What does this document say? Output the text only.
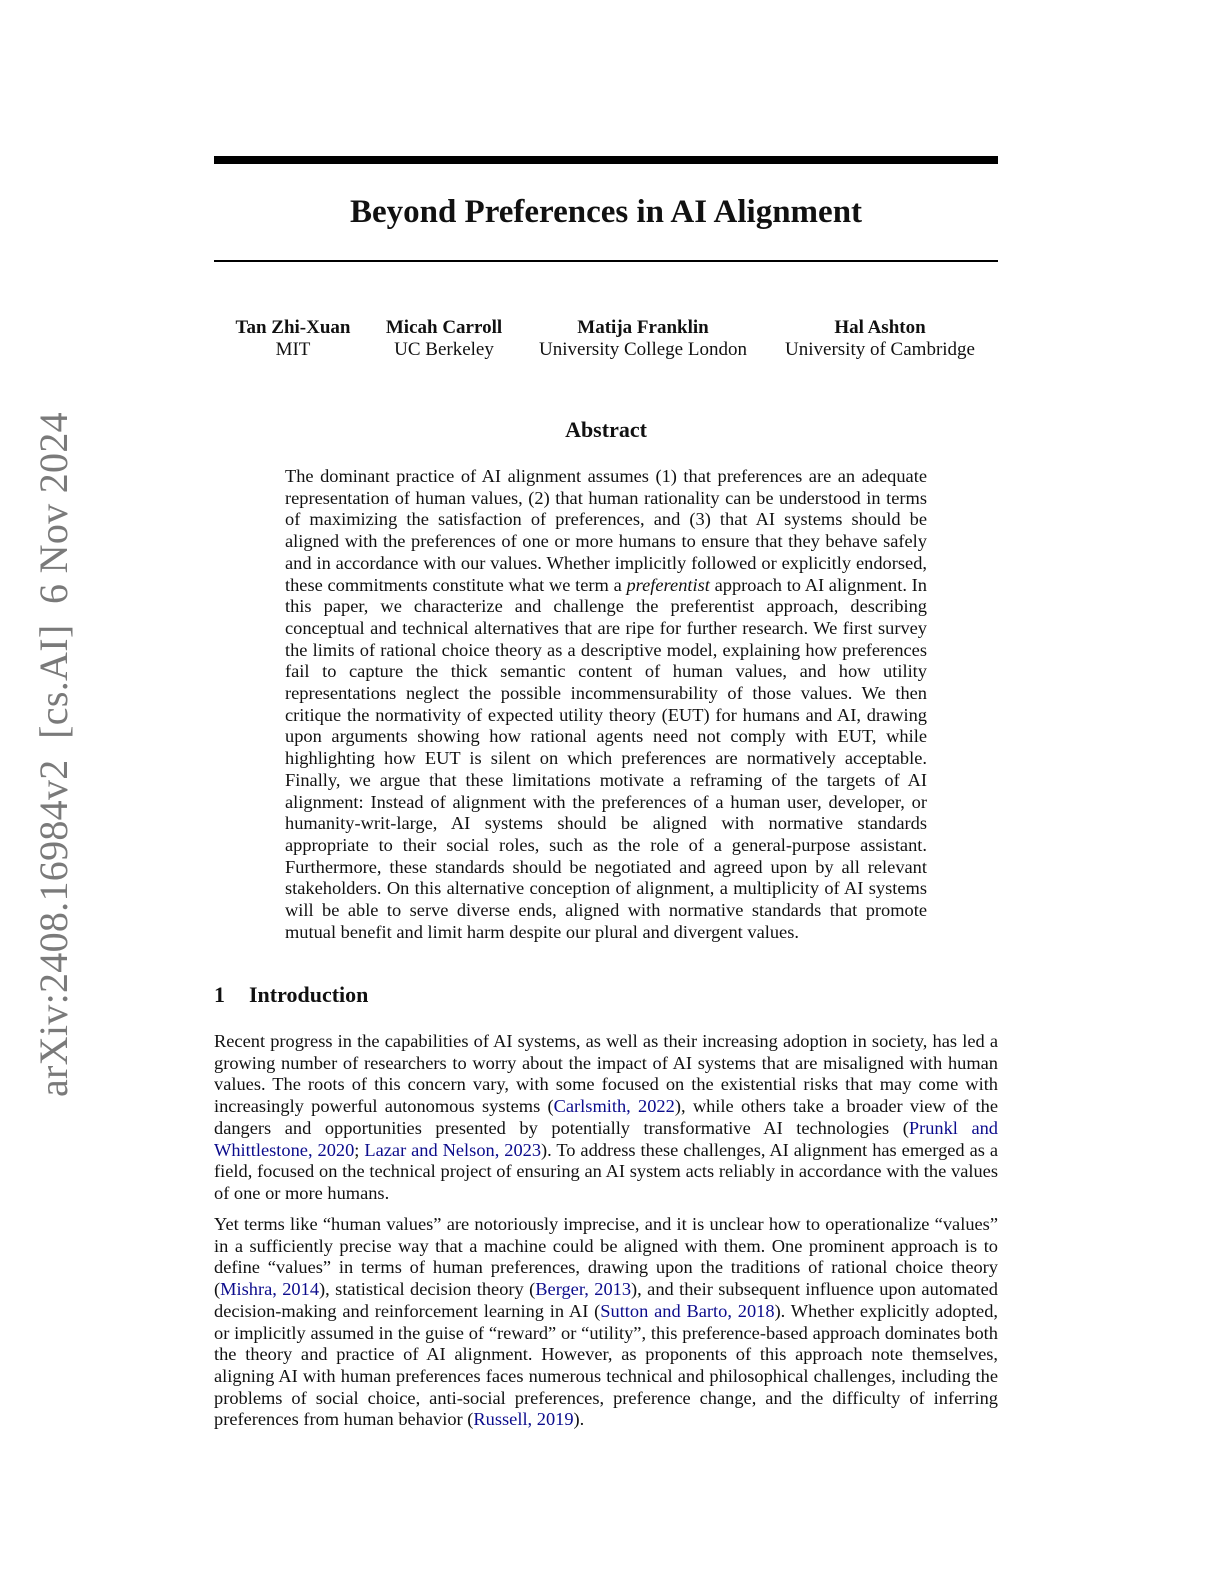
arXiv:2408.16984v2  [cs.AI]  6 Nov 2024
Beyond Preferences in AI Alignment
Tan Zhi-Xuan
MIT
Micah Carroll
UC Berkeley
Matija Franklin
University College London
Hal Ashton
University of Cambridge
Abstract

The dominant practice of AI alignment assumes (1) that preferences are an adequate representation of human values, (2) that human rationality can be understood in terms of maximizing the satisfaction of preferences, and (3) that AI systems should be aligned with the preferences of one or more humans to ensure that they behave safely and in accordance with our values. Whether implicitly followed or explicitly endorsed, these commitments constitute what we term a preferentist approach to AI alignment. In this paper, we characterize and challenge the preferentist approach, describing conceptual and technical alternatives that are ripe for further research. We first survey the limits of rational choice theory as a descriptive model, explaining how preferences fail to capture the thick semantic content of human values, and how utility representations neglect the possible incommensurability of those values. We then critique the normativity of expected utility theory (EUT) for humans and AI, drawing upon arguments showing how rational agents need not comply with EUT, while highlighting how EUT is silent on which preferences are normatively acceptable. Finally, we argue that these limitations motivate a reframing of the targets of AI alignment: Instead of alignment with the preferences of a human user, developer, or humanity-writ-large, AI systems should be aligned with normative standards appropriate to their social roles, such as the role of a general-purpose assistant. Furthermore, these standards should be negotiated and agreed upon by all relevant stakeholders. On this alternative conception of alignment, a multiplicity of AI systems will be able to serve diverse ends, aligned with normative standards that promote mutual benefit and limit harm despite our plural and divergent values.

1 Introduction

Recent progress in the capabilities of AI systems, as well as their increasing adoption in society, has led a growing number of researchers to worry about the impact of AI systems that are misaligned with human values. The roots of this concern vary, with some focused on the existential risks that may come with increasingly powerful autonomous systems (Carlsmith, 2022), while others take a broader view of the dangers and opportunities presented by potentially transformative AI technologies (Prunkl and Whittlestone, 2020; Lazar and Nelson, 2023). To address these challenges, AI alignment has emerged as a field, focused on the technical project of ensuring an AI system acts reliably in accordance with the values of one or more humans.

Yet terms like “human values” are notoriously imprecise, and it is unclear how to operationalize “values” in a sufficiently precise way that a machine could be aligned with them. One prominent approach is to define “values” in terms of human preferences, drawing upon the traditions of rational choice theory (Mishra, 2014), statistical decision theory (Berger, 2013), and their subsequent influence upon automated decision-making and reinforcement learning in AI (Sutton and Barto, 2018). Whether explicitly adopted, or implicitly assumed in the guise of “reward” or “utility”, this preference-based approach dominates both the theory and practice of AI alignment. However, as proponents of this approach note themselves, aligning AI with human preferences faces numerous technical and philosophical challenges, including the problems of social choice, anti-social preferences, preference change, and the difficulty of inferring preferences from human behavior (Russell, 2019).
